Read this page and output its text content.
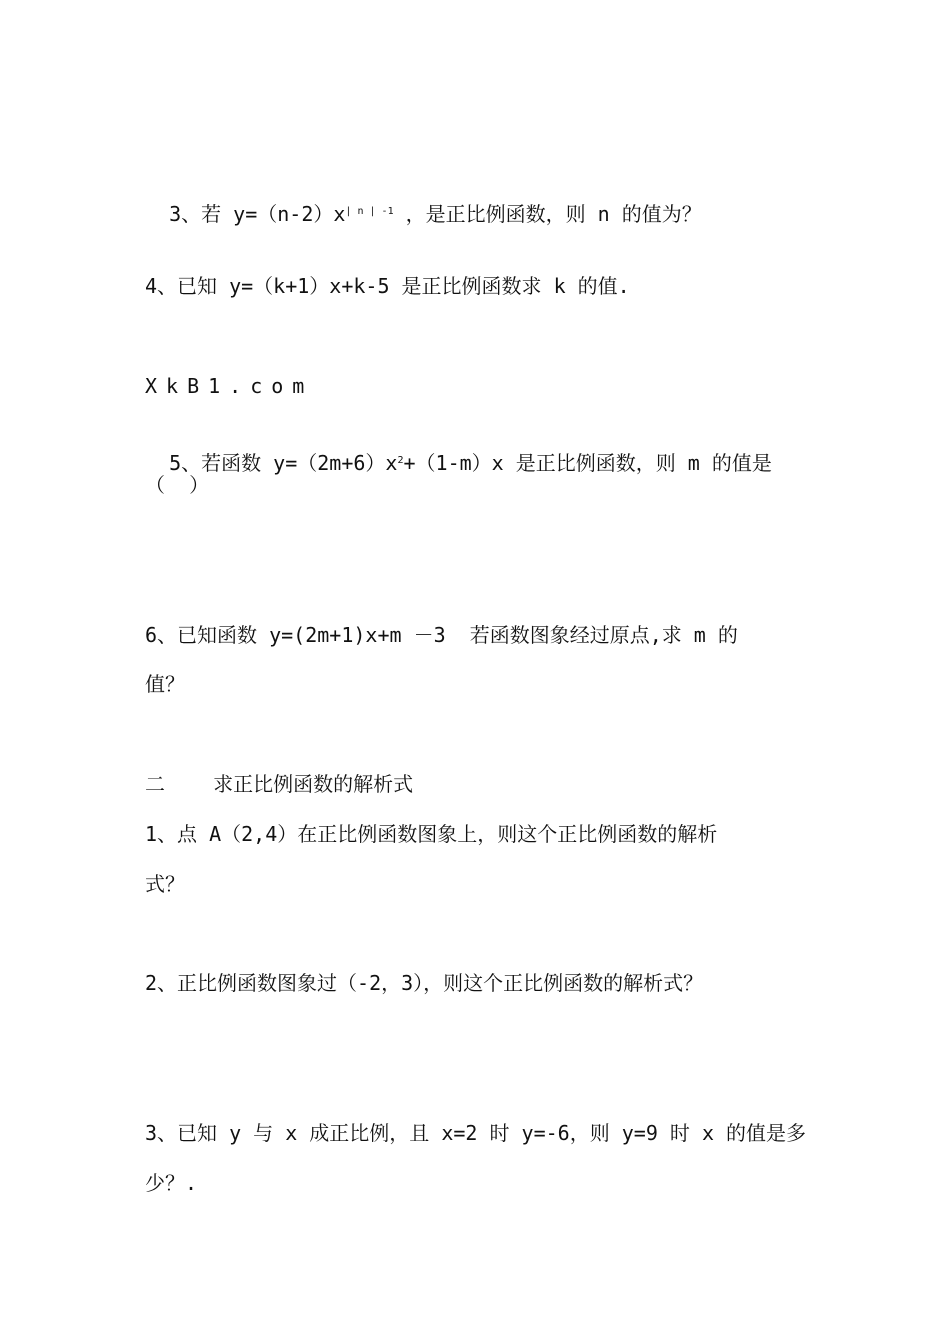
3、若 $y=(n-2)x^{| n | -1}$ ，是正比例函数，则 n 的值为？

4、已知 y=（k+1）x+k-5 是正比例函数求 k 的值.
XkB1.com

5、若函数 $y=(2m+6)x^2+(1-m)x$ 是正比例函数，则 m 的值是

（  ）
6、已知函数 y=(2m+1)x+m －3  若函数图象经过原点,求 m 的
值？
二    求正比例函数的解析式
1、点 A（2,4）在正比例函数图象上，则这个正比例函数的解析
式？
2、正比例函数图象过（-2，3），则这个正比例函数的解析式？
3、已知 y 与 x 成正比例，且 x=2 时 y=-6，则 y=9 时 x 的值是多
少？.
